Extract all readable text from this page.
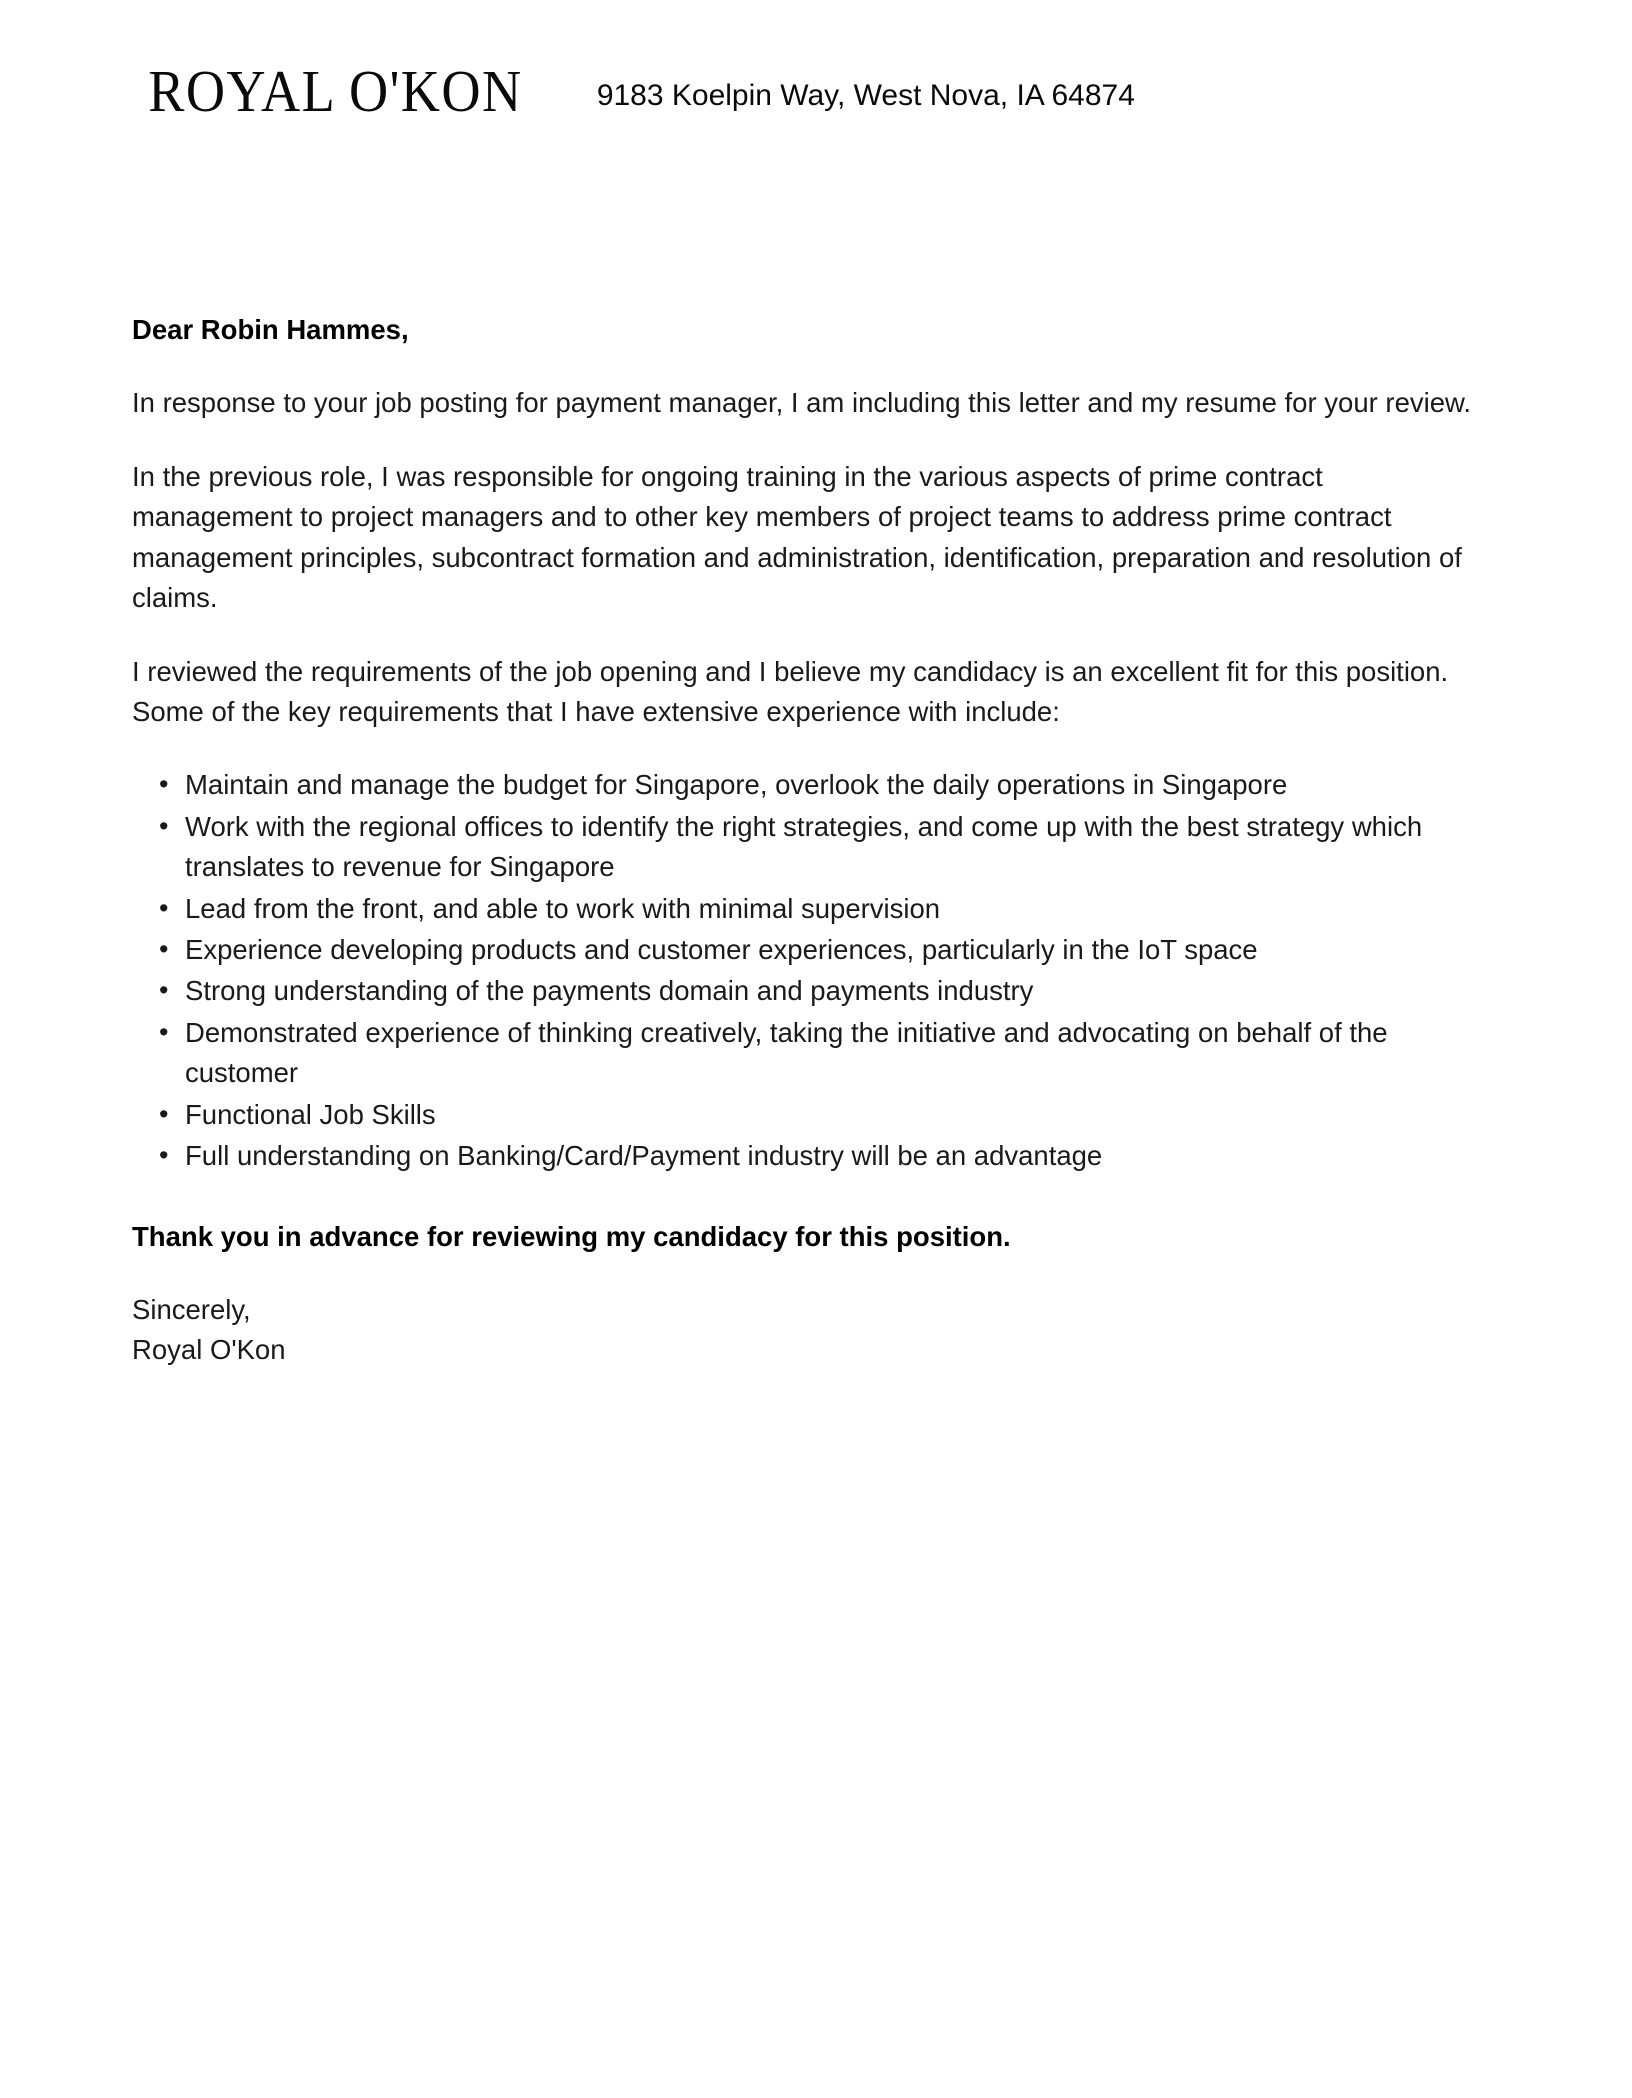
ROYAL O'KON 9183 Koelpin Way, West Nova, IA 64874

Dear Robin Hammes,

In response to your job posting for payment manager, I am including this letter and my resume for your review.

In the previous role, I was responsible for ongoing training in the various aspects of prime contract management to project managers and to other key members of project teams to address prime contract management principles, subcontract formation and administration, identification, preparation and resolution of claims.

I reviewed the requirements of the job opening and I believe my candidacy is an excellent fit for this position. Some of the key requirements that I have extensive experience with include:

• Maintain and manage the budget for Singapore, overlook the daily operations in Singapore
• Work with the regional offices to identify the right strategies, and come up with the best strategy which translates to revenue for Singapore
• Lead from the front, and able to work with minimal supervision
• Experience developing products and customer experiences, particularly in the IoT space
• Strong understanding of the payments domain and payments industry
• Demonstrated experience of thinking creatively, taking the initiative and advocating on behalf of the customer
• Functional Job Skills
• Full understanding on Banking/Card/Payment industry will be an advantage

Thank you in advance for reviewing my candidacy for this position.

Sincerely,
Royal O'Kon
